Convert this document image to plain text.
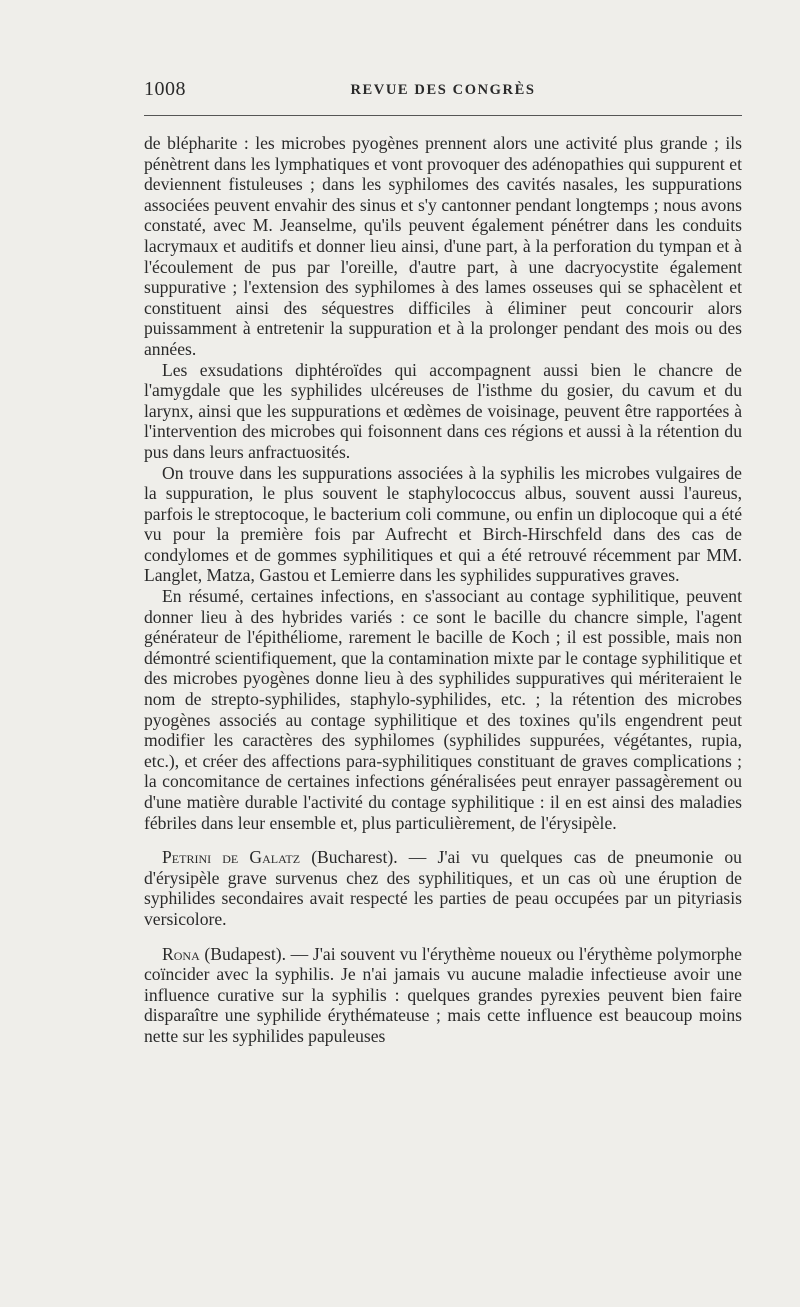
1008	REVUE DES CONGRÈS

de blépharite : les microbes pyogènes prennent alors une activité plus grande ; ils pénètrent dans les lymphatiques et vont provoquer des adénopathies qui suppurent et deviennent fistuleuses ; dans les syphilomes des cavités nasales, les suppurations associées peuvent envahir des sinus et s'y cantonner pendant longtemps ; nous avons constaté, avec M. Jeanselme, qu'ils peuvent également pénétrer dans les conduits lacrymaux et auditifs et donner lieu ainsi, d'une part, à la perforation du tympan et à l'écoulement de pus par l'oreille, d'autre part, à une dacryocystite également suppurative ; l'extension des syphilomes à des lames osseuses qui se sphacèlent et constituent ainsi des séquestres difficiles à éliminer peut concourir alors puissamment à entretenir la suppuration et à la prolonger pendant des mois ou des années.

Les exsudations diphtéroïdes qui accompagnent aussi bien le chancre de l'amygdale que les syphilides ulcéreuses de l'isthme du gosier, du cavum et du larynx, ainsi que les suppurations et œdèmes de voisinage, peuvent être rapportées à l'intervention des microbes qui foisonnent dans ces régions et aussi à la rétention du pus dans leurs anfractuosités.

On trouve dans les suppurations associées à la syphilis les microbes vulgaires de la suppuration, le plus souvent le staphylococcus albus, souvent aussi l'aureus, parfois le streptocoque, le bacterium coli commune, ou enfin un diplocoque qui a été vu pour la première fois par Aufrecht et Birch-Hirschfeld dans des cas de condylomes et de gommes syphilitiques et qui a été retrouvé récemment par MM. Langlet, Matza, Gastou et Lemierre dans les syphilides suppuratives graves.

En résumé, certaines infections, en s'associant au contage syphilitique, peuvent donner lieu à des hybrides variés : ce sont le bacille du chancre simple, l'agent générateur de l'épithéliome, rarement le bacille de Koch ; il est possible, mais non démontré scientifiquement, que la contamination mixte par le contage syphilitique et des microbes pyogènes donne lieu à des syphilides suppuratives qui mériteraient le nom de strepto-syphilides, staphylo-syphilides, etc. ; la rétention des microbes pyogènes associés au contage syphilitique et des toxines qu'ils engendrent peut modifier les caractères des syphilomes (syphilides suppurées, végétantes, rupia, etc.), et créer des affections para-syphilitiques constituant de graves complications ; la concomitance de certaines infections généralisées peut enrayer passagèrement ou d'une matière durable l'activité du contage syphilitique : il en est ainsi des maladies fébriles dans leur ensemble et, plus particulièrement, de l'érysipèle.

Petrini de Galatz (Bucharest). — J'ai vu quelques cas de pneumonie ou d'érysipèle grave survenus chez des syphilitiques, et un cas où une éruption de syphilides secondaires avait respecté les parties de peau occupées par un pityriasis versicolore.

Rona (Budapest). — J'ai souvent vu l'érythème noueux ou l'érythème polymorphe coïncider avec la syphilis. Je n'ai jamais vu aucune maladie infectieuse avoir une influence curative sur la syphilis : quelques grandes pyrexies peuvent bien faire disparaître une syphilide érythémateuse ; mais cette influence est beaucoup moins nette sur les syphilides papuleuses
